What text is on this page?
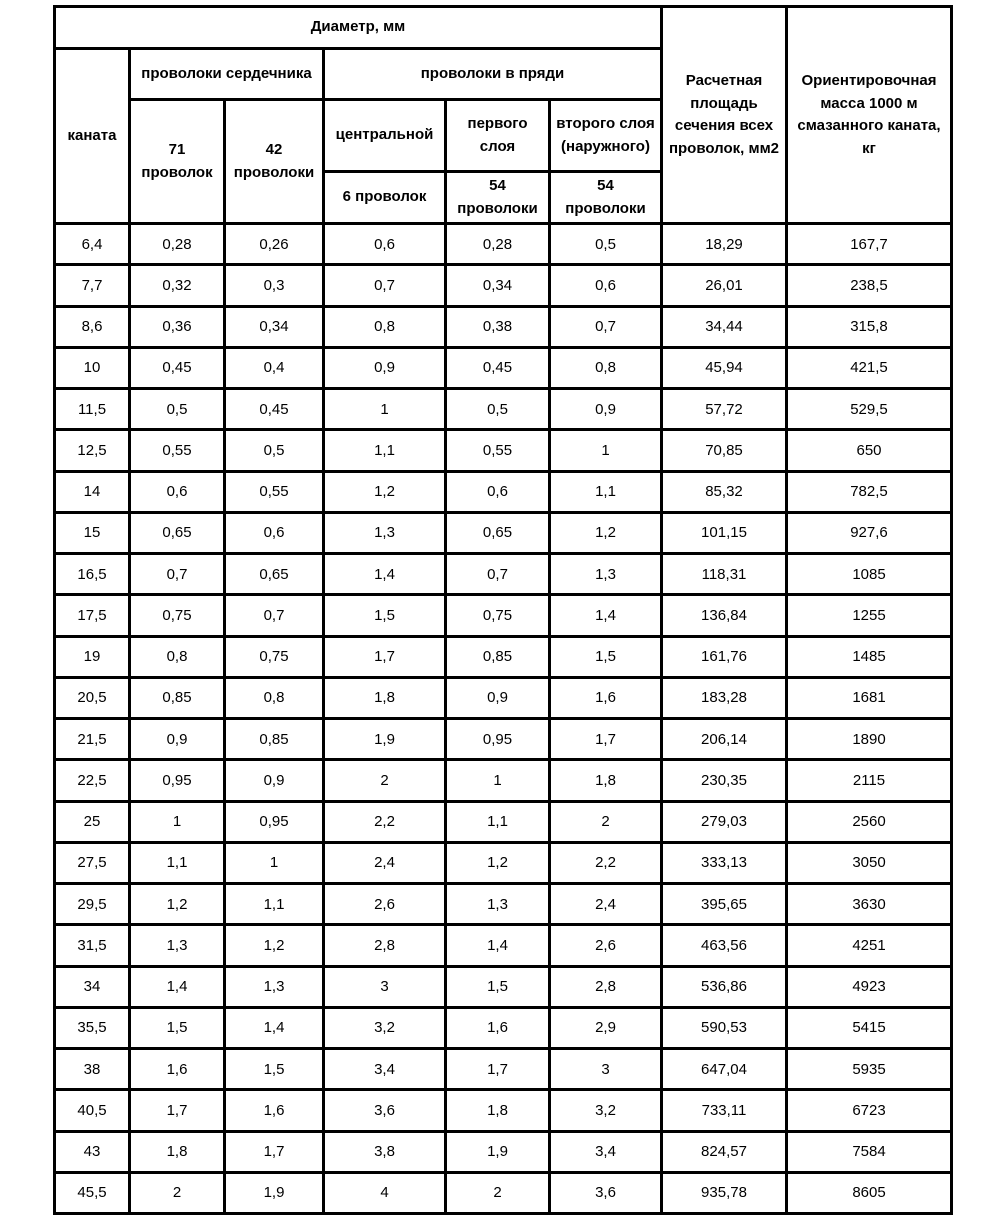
Диаметр, мм						Расчетная площадь сечения всех проволок, мм2	Ориентировочная масса 1000 м смазанного каната, кг
каната	проволоки сердечника		проволоки в пряди				
	71 проволок	42 проволоки	центральной	первого слоя	второго слоя (наружного)		
			6 проволок	54 проволоки	54 проволоки		
6,4	0,28	0,26	0,6	0,28	0,5	18,29	167,7
7,7	0,32	0,3	0,7	0,34	0,6	26,01	238,5
8,6	0,36	0,34	0,8	0,38	0,7	34,44	315,8
10	0,45	0,4	0,9	0,45	0,8	45,94	421,5
11,5	0,5	0,45	1	0,5	0,9	57,72	529,5
12,5	0,55	0,5	1,1	0,55	1	70,85	650
14	0,6	0,55	1,2	0,6	1,1	85,32	782,5
15	0,65	0,6	1,3	0,65	1,2	101,15	927,6
16,5	0,7	0,65	1,4	0,7	1,3	118,31	1085
17,5	0,75	0,7	1,5	0,75	1,4	136,84	1255
19	0,8	0,75	1,7	0,85	1,5	161,76	1485
20,5	0,85	0,8	1,8	0,9	1,6	183,28	1681
21,5	0,9	0,85	1,9	0,95	1,7	206,14	1890
22,5	0,95	0,9	2	1	1,8	230,35	2115
25	1	0,95	2,2	1,1	2	279,03	2560
27,5	1,1	1	2,4	1,2	2,2	333,13	3050
29,5	1,2	1,1	2,6	1,3	2,4	395,65	3630
31,5	1,3	1,2	2,8	1,4	2,6	463,56	4251
34	1,4	1,3	3	1,5	2,8	536,86	4923
35,5	1,5	1,4	3,2	1,6	2,9	590,53	5415
38	1,6	1,5	3,4	1,7	3	647,04	5935
40,5	1,7	1,6	3,6	1,8	3,2	733,11	6723
43	1,8	1,7	3,8	1,9	3,4	824,57	7584
45,5	2	1,9	4	2	3,6	935,78	8605
